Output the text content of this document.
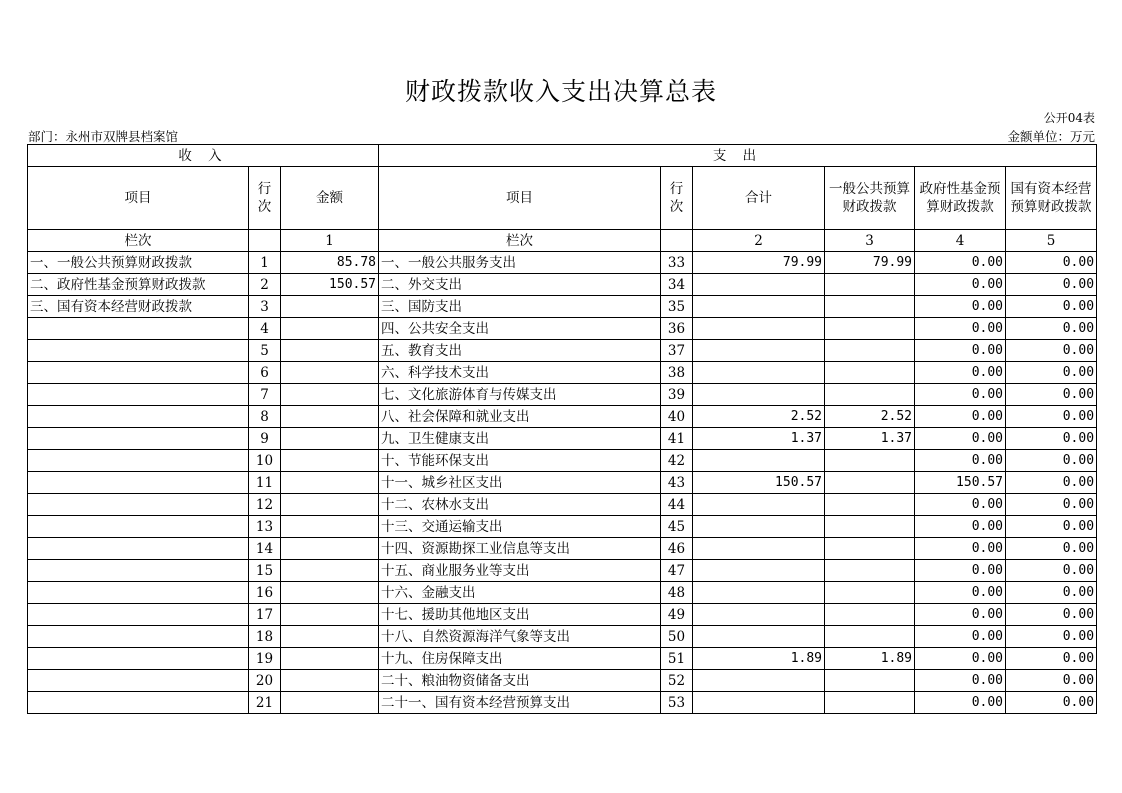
财政拨款收入支出决算总表
公开04表
部门：永州市双牌县档案馆	金额单位：万元
收 入			支 出					
项目	行次	金额	项目	行次	合计	一般公共预算财政拨款	政府性基金预算财政拨款	国有资本经营预算财政拨款
栏次		1	栏次		2	3	4	5
一、一般公共预算财政拨款	1	85.78	一、一般公共服务支出	33	79.99	79.99	0.00	0.00
二、政府性基金预算财政拨款	2	150.57	二、外交支出	34			0.00	0.00
三、国有资本经营财政拨款	3		三、国防支出	35			0.00	0.00
	4		四、公共安全支出	36			0.00	0.00
	5		五、教育支出	37			0.00	0.00
	6		六、科学技术支出	38			0.00	0.00
	7		七、文化旅游体育与传媒支出	39			0.00	0.00
	8		八、社会保障和就业支出	40	2.52	2.52	0.00	0.00
	9		九、卫生健康支出	41	1.37	1.37	0.00	0.00
	10		十、节能环保支出	42			0.00	0.00
	11		十一、城乡社区支出	43	150.57		150.57	0.00
	12		十二、农林水支出	44			0.00	0.00
	13		十三、交通运输支出	45			0.00	0.00
	14		十四、资源勘探工业信息等支出	46			0.00	0.00
	15		十五、商业服务业等支出	47			0.00	0.00
	16		十六、金融支出	48			0.00	0.00
	17		十七、援助其他地区支出	49			0.00	0.00
	18		十八、自然资源海洋气象等支出	50			0.00	0.00
	19		十九、住房保障支出	51	1.89	1.89	0.00	0.00
	20		二十、粮油物资储备支出	52			0.00	0.00
	21		二十一、国有资本经营预算支出	53			0.00	0.00
